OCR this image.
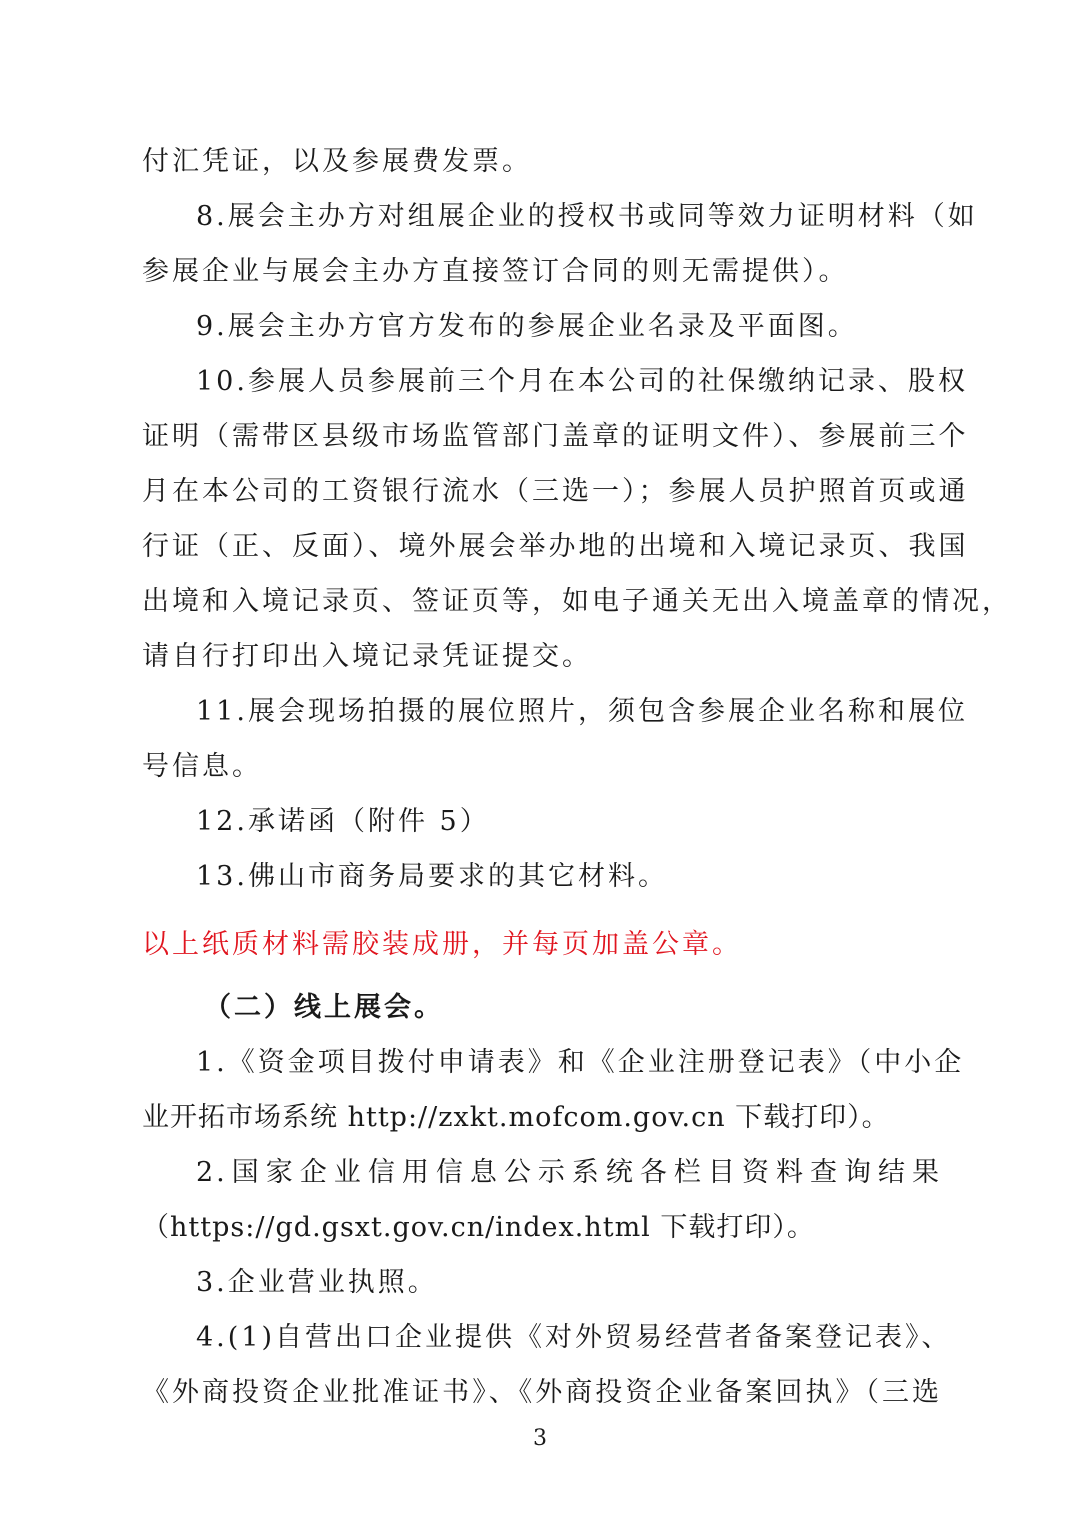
付汇凭证，以及参展费发票。
8.展会主办方对组展企业的授权书或同等效力证明材料（如
参展企业与展会主办方直接签订合同的则无需提供）。
9.展会主办方官方发布的参展企业名录及平面图。
10.参展人员参展前三个月在本公司的社保缴纳记录、股权
证明（需带区县级市场监管部门盖章的证明文件）、参展前三个
月在本公司的工资银行流水（三选一）；参展人员护照首页或通
行证（正、反面）、境外展会举办地的出境和入境记录页、我国
出境和入境记录页、签证页等，如电子通关无出入境盖章的情况，
请自行打印出入境记录凭证提交。
11.展会现场拍摄的展位照片，须包含参展企业名称和展位
号信息。
12.承诺函（附件 5）
13.佛山市商务局要求的其它材料。
以上纸质材料需胶装成册，并每页加盖公章。
（二）线上展会。
1.《资金项目拨付申请表》和《企业注册登记表》（中小企
业开拓市场系统 http://zxkt.mofcom.gov.cn 下载打印）。
2.国家企业信用信息公示系统各栏目资料查询结果
（https://gd.gsxt.gov.cn/index.html 下载打印）。
3.企业营业执照。
4.(1)自营出口企业提供《对外贸易经营者备案登记表》、
《外商投资企业批准证书》、《外商投资企业备案回执》（三选
3
